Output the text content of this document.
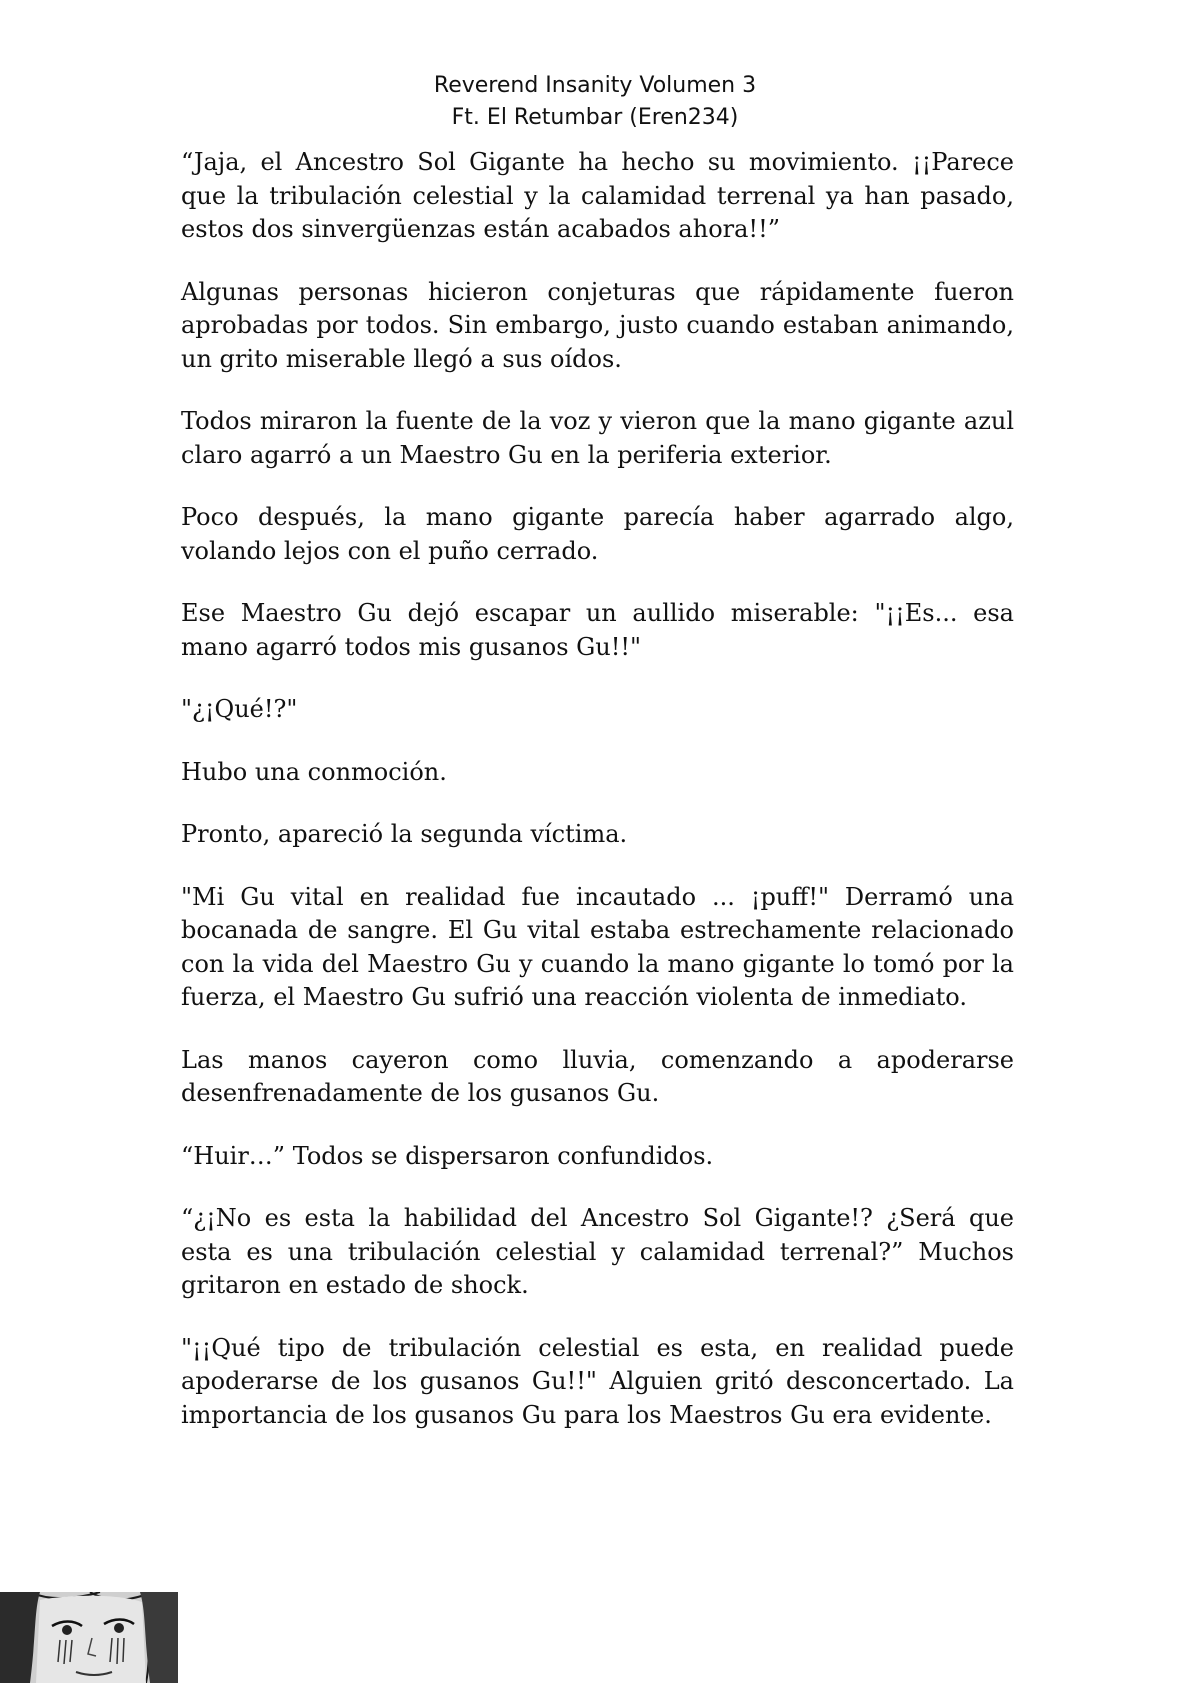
Reverend Insanity Volumen 3
Ft. El Retumbar (Eren234)

“Jaja, el Ancestro Sol Gigante ha hecho su movimiento. ¡¡Parece que la tribulación celestial y la calamidad terrenal ya han pasado, estos dos sinvergüenzas están acabados ahora!!”

Algunas personas hicieron conjeturas que rápidamente fueron aprobadas por todos. Sin embargo, justo cuando estaban animando, un grito miserable llegó a sus oídos.

Todos miraron la fuente de la voz y vieron que la mano gigante azul claro agarró a un Maestro Gu en la periferia exterior.

Poco después, la mano gigante parecía haber agarrado algo, volando lejos con el puño cerrado.

Ese Maestro Gu dejó escapar un aullido miserable: "¡¡Es... esa mano agarró todos mis gusanos Gu!!"

"¿¡Qué!?"

Hubo una conmoción.

Pronto, apareció la segunda víctima.

"Mi Gu vital en realidad fue incautado ... ¡puff!" Derramó una bocanada de sangre. El Gu vital estaba estrechamente relacionado con la vida del Maestro Gu y cuando la mano gigante lo tomó por la fuerza, el Maestro Gu sufrió una reacción violenta de inmediato.

Las manos cayeron como lluvia, comenzando a apoderarse desenfrenadamente de los gusanos Gu.

“Huir…” Todos se dispersaron confundidos.

“¿¡No es esta la habilidad del Ancestro Sol Gigante!? ¿Será que esta es una tribulación celestial y calamidad terrenal?” Muchos gritaron en estado de shock.

"¡¡Qué tipo de tribulación celestial es esta, en realidad puede apoderarse de los gusanos Gu!!" Alguien gritó desconcertado. La importancia de los gusanos Gu para los Maestros Gu era evidente.
